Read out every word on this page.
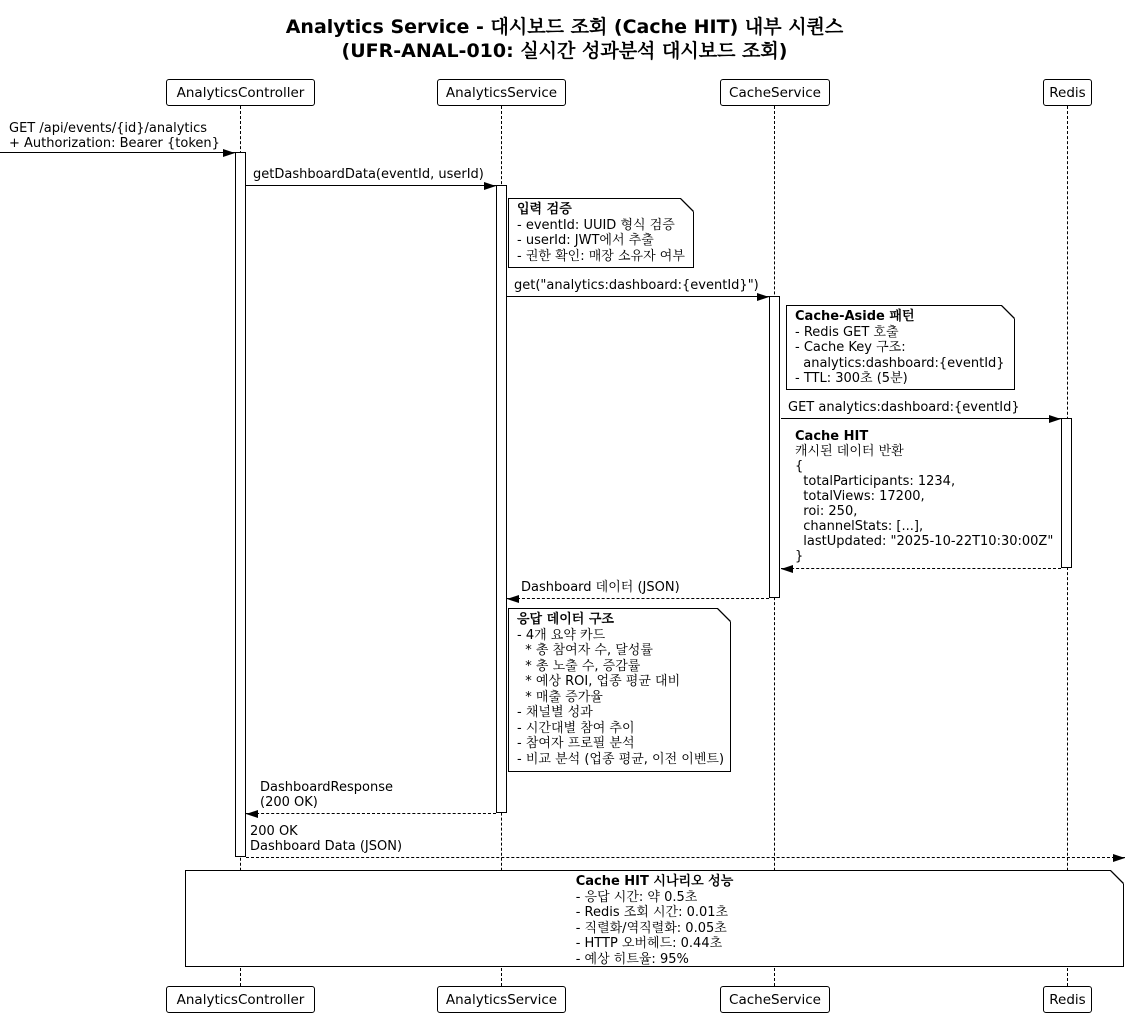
Analytics Service - 대시보드 조회 (Cache HIT) 내부 시퀀스
(UFR-ANAL-010: 실시간 성과분석 대시보드 조회)
AnalyticsController	AnalyticsService	CacheService	Redis
AnalyticsController	AnalyticsService	CacheService	Redis
GET /api/events/{id}/analytics
+ Authorization: Bearer {token}
getDashboardData(eventId, userId)
get("analytics:dashboard:{eventId}")
GET analytics:dashboard:{eventId}
Cache HIT
캐시된 데이터 반환
{
totalParticipants: 1234,
totalViews: 17200,
roi: 250,
channelStats: [...],
lastUpdated: "2025-10-22T10:30:00Z"
}
Dashboard 데이터 (JSON)
DashboardResponse
(200 OK)
200 OK
Dashboard Data (JSON)
입력 검증
- eventId: UUID 형식 검증
- userId: JWT에서 추출
- 권한 확인: 매장 소유자 여부
Cache-Aside 패턴
- Redis GET 호출
- Cache Key 구조:
analytics:dashboard:{eventId}
- TTL: 300초 (5분)
응답 데이터 구조
- 4개 요약 카드
* 총 참여자 수, 달성률
* 총 노출 수, 증감률
* 예상 ROI, 업종 평균 대비
* 매출 증가율
- 채널별 성과
- 시간대별 참여 추이
- 참여자 프로필 분석
- 비교 분석 (업종 평균, 이전 이벤트)
Cache HIT 시나리오 성능
- 응답 시간: 약 0.5초
- Redis 조회 시간: 0.01초
- 직렬화/역직렬화: 0.05초
- HTTP 오버헤드: 0.44초
- 예상 히트율: 95%
